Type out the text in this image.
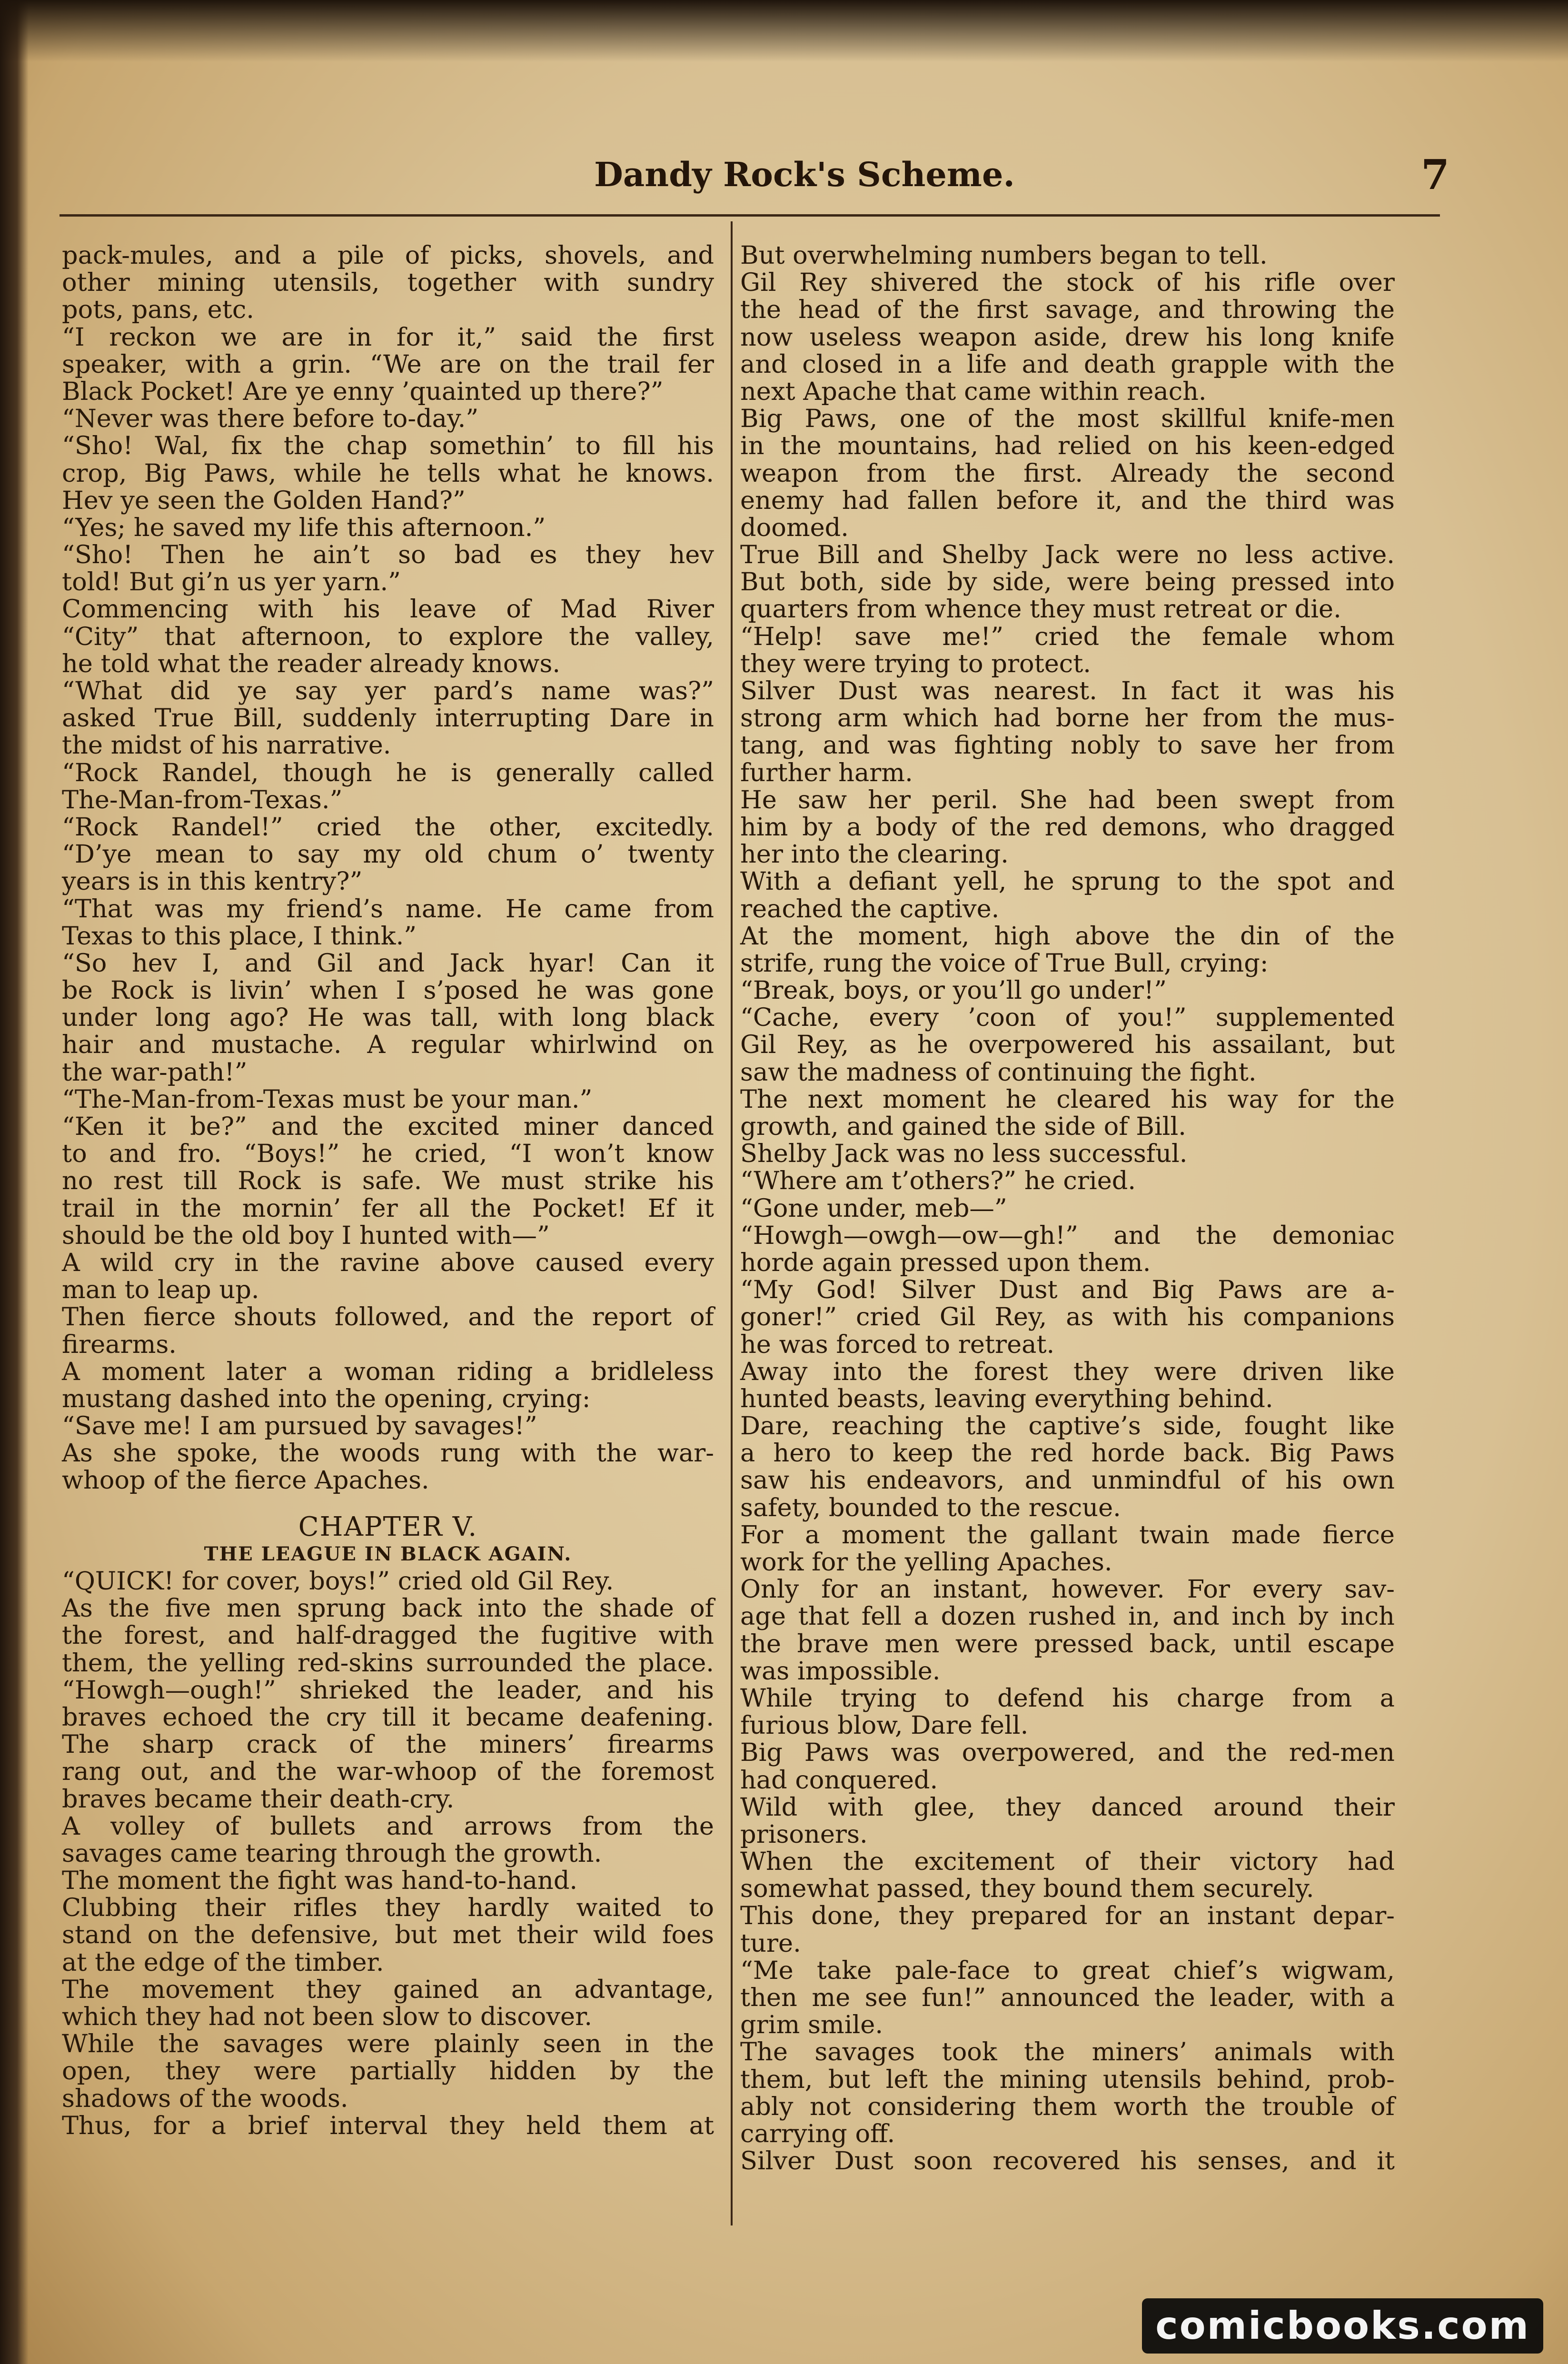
Dandy Rock's Scheme.	7
pack-mules, and a pile of picks, shovels, and
other mining utensils, together with sundry
pots, pans, etc.
“I reckon we are in for it,” said the first
speaker, with a grin. “We are on the trail fer
Black Pocket! Are ye enny ’quainted up there?”
“Never was there before to-day.”
“Sho! Wal, fix the chap somethin’ to fill his
crop, Big Paws, while he tells what he knows.
Hev ye seen the Golden Hand?”
“Yes; he saved my life this afternoon.”
“Sho! Then he ain’t so bad es they hev
told! But gi’n us yer yarn.”
Commencing with his leave of Mad River
“City” that afternoon, to explore the valley,
he told what the reader already knows.
“What did ye say yer pard’s name was?”
asked True Bill, suddenly interrupting Dare in
the midst of his narrative.
“Rock Randel, though he is generally called
The-Man-from-Texas.”
“Rock Randel!” cried the other, excitedly.
“D’ye mean to say my old chum o’ twenty
years is in this kentry?”
“That was my friend’s name. He came from
Texas to this place, I think.”
“So hev I, and Gil and Jack hyar! Can it
be Rock is livin’ when I s’posed he was gone
under long ago? He was tall, with long black
hair and mustache. A regular whirlwind on
the war-path!”
“The-Man-from-Texas must be your man.”
“Ken it be?” and the excited miner danced
to and fro. “Boys!” he cried, “I won’t know
no rest till Rock is safe. We must strike his
trail in the mornin’ fer all the Pocket! Ef it
should be the old boy I hunted with—”
A wild cry in the ravine above caused every
man to leap up.
Then fierce shouts followed, and the report of
firearms.
A moment later a woman riding a bridleless
mustang dashed into the opening, crying:
“Save me! I am pursued by savages!”
As she spoke, the woods rung with the war-
whoop of the fierce Apaches.
CHAPTER V.
THE LEAGUE IN BLACK AGAIN.
“QUICK! for cover, boys!” cried old Gil Rey.
As the five men sprung back into the shade of
the forest, and half-dragged the fugitive with
them, the yelling red-skins surrounded the place.
“Howgh—ough!” shrieked the leader, and his
braves echoed the cry till it became deafening.
The sharp crack of the miners’ firearms
rang out, and the war-whoop of the foremost
braves became their death-cry.
A volley of bullets and arrows from the
savages came tearing through the growth.
The moment the fight was hand-to-hand.
Clubbing their rifles they hardly waited to
stand on the defensive, but met their wild foes
at the edge of the timber.
The movement they gained an advantage,
which they had not been slow to discover.
While the savages were plainly seen in the
open, they were partially hidden by the
shadows of the woods.
Thus, for a brief interval they held them at
But overwhelming numbers began to tell.
Gil Rey shivered the stock of his rifle over
the head of the first savage, and throwing the
now useless weapon aside, drew his long knife
and closed in a life and death grapple with the
next Apache that came within reach.
Big Paws, one of the most skillful knife-men
in the mountains, had relied on his keen-edged
weapon from the first. Already the second
enemy had fallen before it, and the third was
doomed.
True Bill and Shelby Jack were no less active.
But both, side by side, were being pressed into
quarters from whence they must retreat or die.
“Help! save me!” cried the female whom
they were trying to protect.
Silver Dust was nearest. In fact it was his
strong arm which had borne her from the mus-
tang, and was fighting nobly to save her from
further harm.
He saw her peril. She had been swept from
him by a body of the red demons, who dragged
her into the clearing.
With a defiant yell, he sprung to the spot and
reached the captive.
At the moment, high above the din of the
strife, rung the voice of True Bull, crying:
“Break, boys, or you’ll go under!”
“Cache, every ’coon of you!” supplemented
Gil Rey, as he overpowered his assailant, but
saw the madness of continuing the fight.
The next moment he cleared his way for the
growth, and gained the side of Bill.
Shelby Jack was no less successful.
“Where am t’others?” he cried.
“Gone under, meb—”
“Howgh—owgh—ow—gh!” and the demoniac
horde again pressed upon them.
“My God! Silver Dust and Big Paws are a-
goner!” cried Gil Rey, as with his companions
he was forced to retreat.
Away into the forest they were driven like
hunted beasts, leaving everything behind.
Dare, reaching the captive’s side, fought like
a hero to keep the red horde back. Big Paws
saw his endeavors, and unmindful of his own
safety, bounded to the rescue.
For a moment the gallant twain made fierce
work for the yelling Apaches.
Only for an instant, however. For every sav-
age that fell a dozen rushed in, and inch by inch
the brave men were pressed back, until escape
was impossible.
While trying to defend his charge from a
furious blow, Dare fell.
Big Paws was overpowered, and the red-men
had conquered.
Wild with glee, they danced around their
prisoners.
When the excitement of their victory had
somewhat passed, they bound them securely.
This done, they prepared for an instant depar-
ture.
“Me take pale-face to great chief’s wigwam,
then me see fun!” announced the leader, with a
grim smile.
The savages took the miners’ animals with
them, but left the mining utensils behind, prob-
ably not considering them worth the trouble of
carrying off.
Silver Dust soon recovered his senses, and it
comicbooks.com
